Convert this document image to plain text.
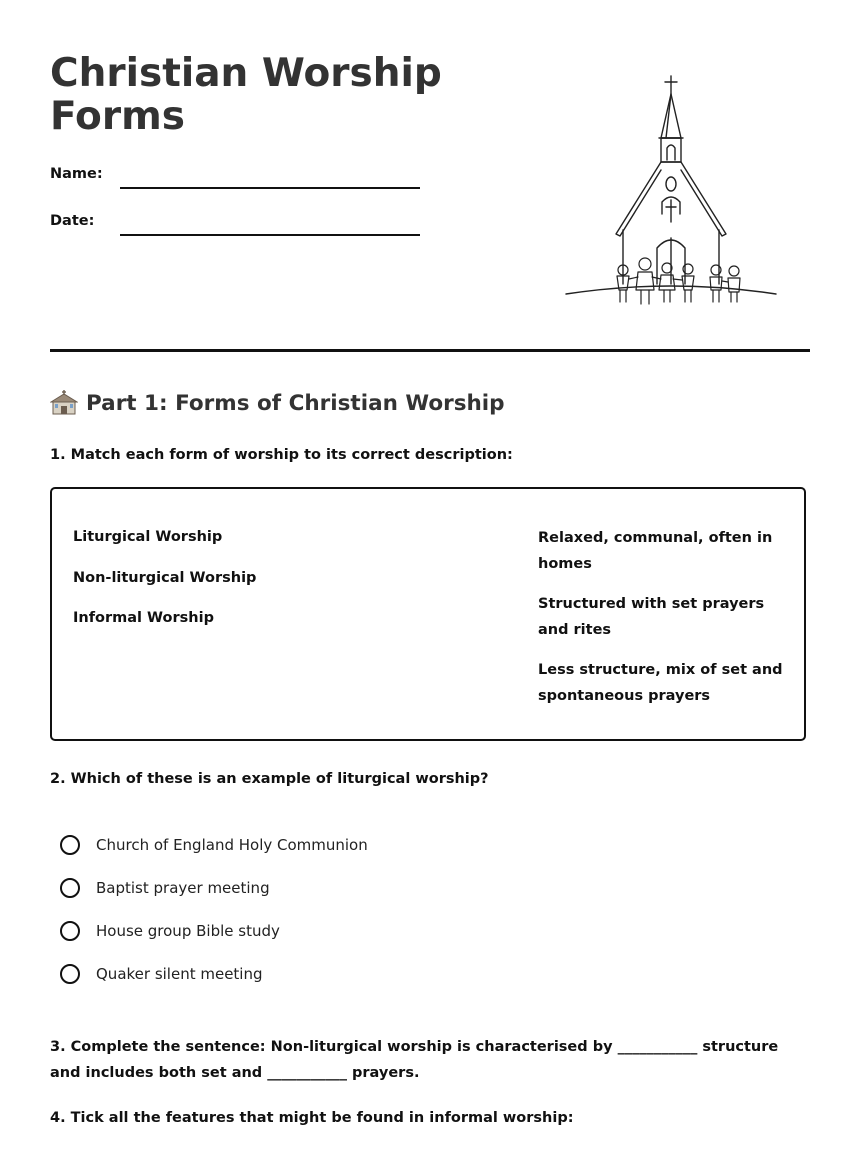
Christian Worship Forms
Name:
Date:
Part 1: Forms of Christian Worship
1. Match each form of worship to its correct description:
Liturgical Worship
Non-liturgical Worship
Informal Worship
Relaxed, communal, often in homes
Structured with set prayers and rites
Less structure, mix of set and spontaneous prayers
2. Which of these is an example of liturgical worship?
Church of England Holy Communion
Baptist prayer meeting
House group Bible study
Quaker silent meeting
3. Complete the sentence: Non-liturgical worship is characterised by ___________ structure and includes both set and ___________ prayers.
4. Tick all the features that might be found in informal worship:
